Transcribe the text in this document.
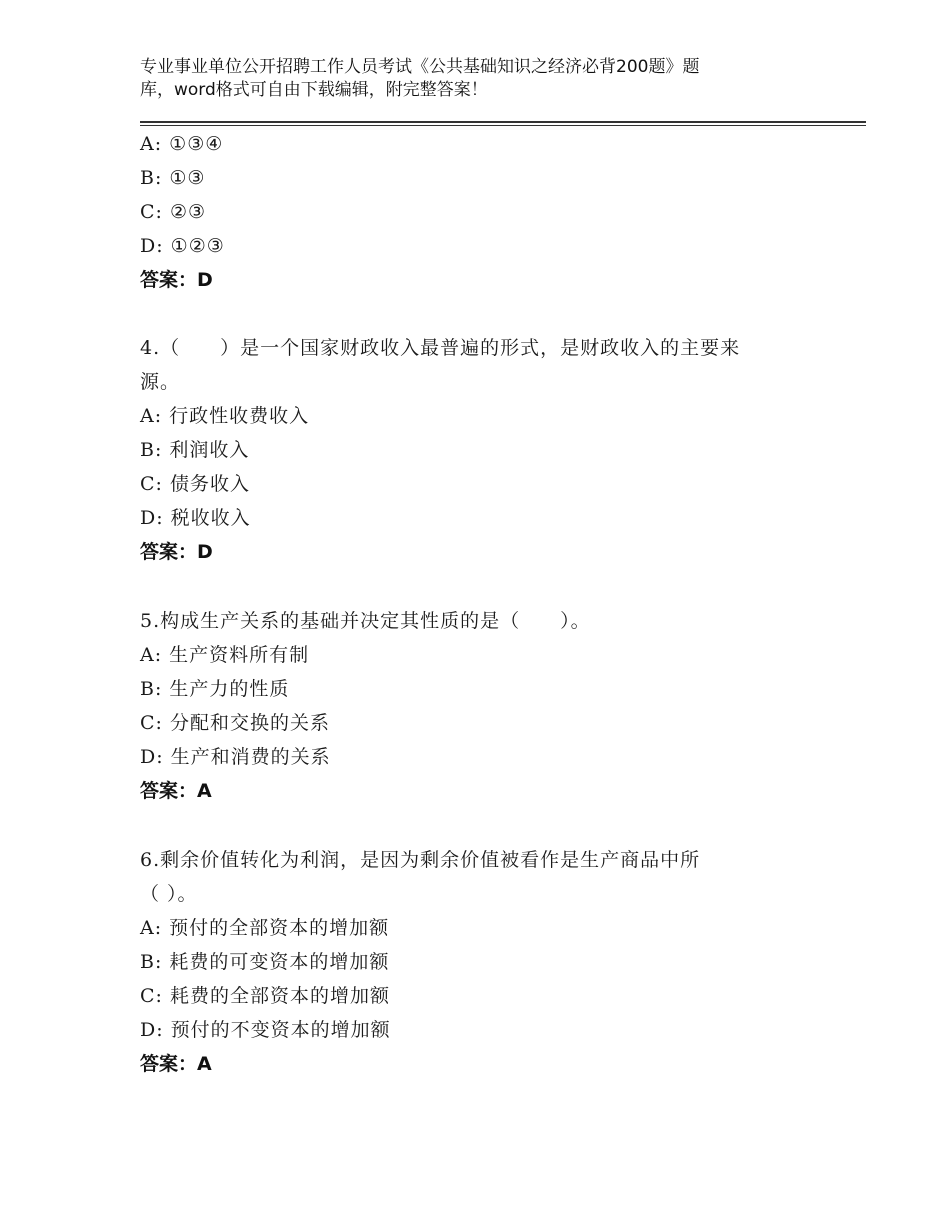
专业事业单位公开招聘工作人员考试《公共基础知识之经济必背200题》题
库，word格式可自由下载编辑，附完整答案！
A: ①③④
B: ①③
C: ②③
D: ①②③
答案：D
4.（　　）是一个国家财政收入最普遍的形式，是财政收入的主要来
源。
A: 行政性收费收入
B: 利润收入
C: 债务收入
D: 税收收入
答案：D
5.构成生产关系的基础并决定其性质的是（　　）。
A: 生产资料所有制
B: 生产力的性质
C: 分配和交换的关系
D: 生产和消费的关系
答案：A
6.剩余价值转化为利润，是因为剩余价值被看作是生产商品中所
（ ）。
A: 预付的全部资本的增加额
B: 耗费的可变资本的增加额
C: 耗费的全部资本的增加额
D: 预付的不变资本的增加额
答案：A
